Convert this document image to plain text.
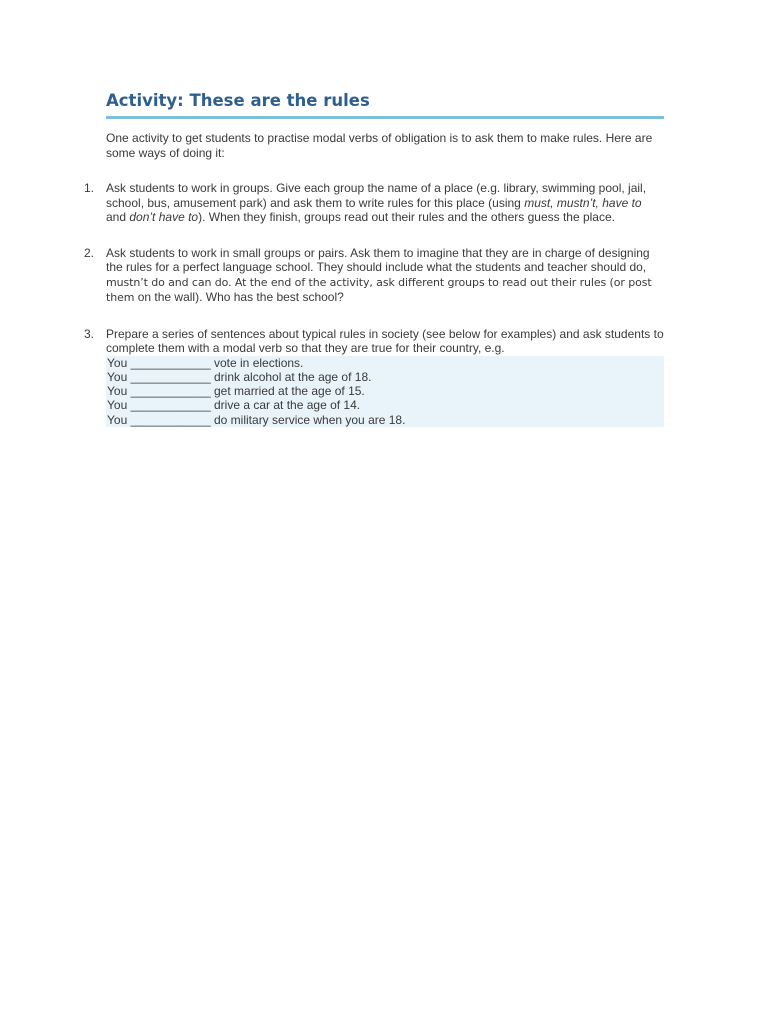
Activity: These are the rules

One activity to get students to practise modal verbs of obligation is to ask them to make rules. Here are some ways of doing it:

1. Ask students to work in groups. Give each group the name of a place (e.g. library, swimming pool, jail, school, bus, amusement park) and ask them to write rules for this place (using must, mustn’t, have to and don’t have to). When they finish, groups read out their rules and the others guess the place.
2. Ask students to work in small groups or pairs. Ask them to imagine that they are in charge of designing the rules for a perfect language school. They should include what the students and teacher should do, mustn’t do and can do. At the end of the activity, ask different groups to read out their rules (or post them on the wall). Who has the best school?
3. Prepare a series of sentences about typical rules in society (see below for examples) and ask students to complete them with a modal verb so that they are true for their country, e.g.
You ____________ vote in elections.
You ____________ drink alcohol at the age of 18.
You ____________ get married at the age of 15.
You ____________ drive a car at the age of 14.
You ____________ do military service when you are 18.
